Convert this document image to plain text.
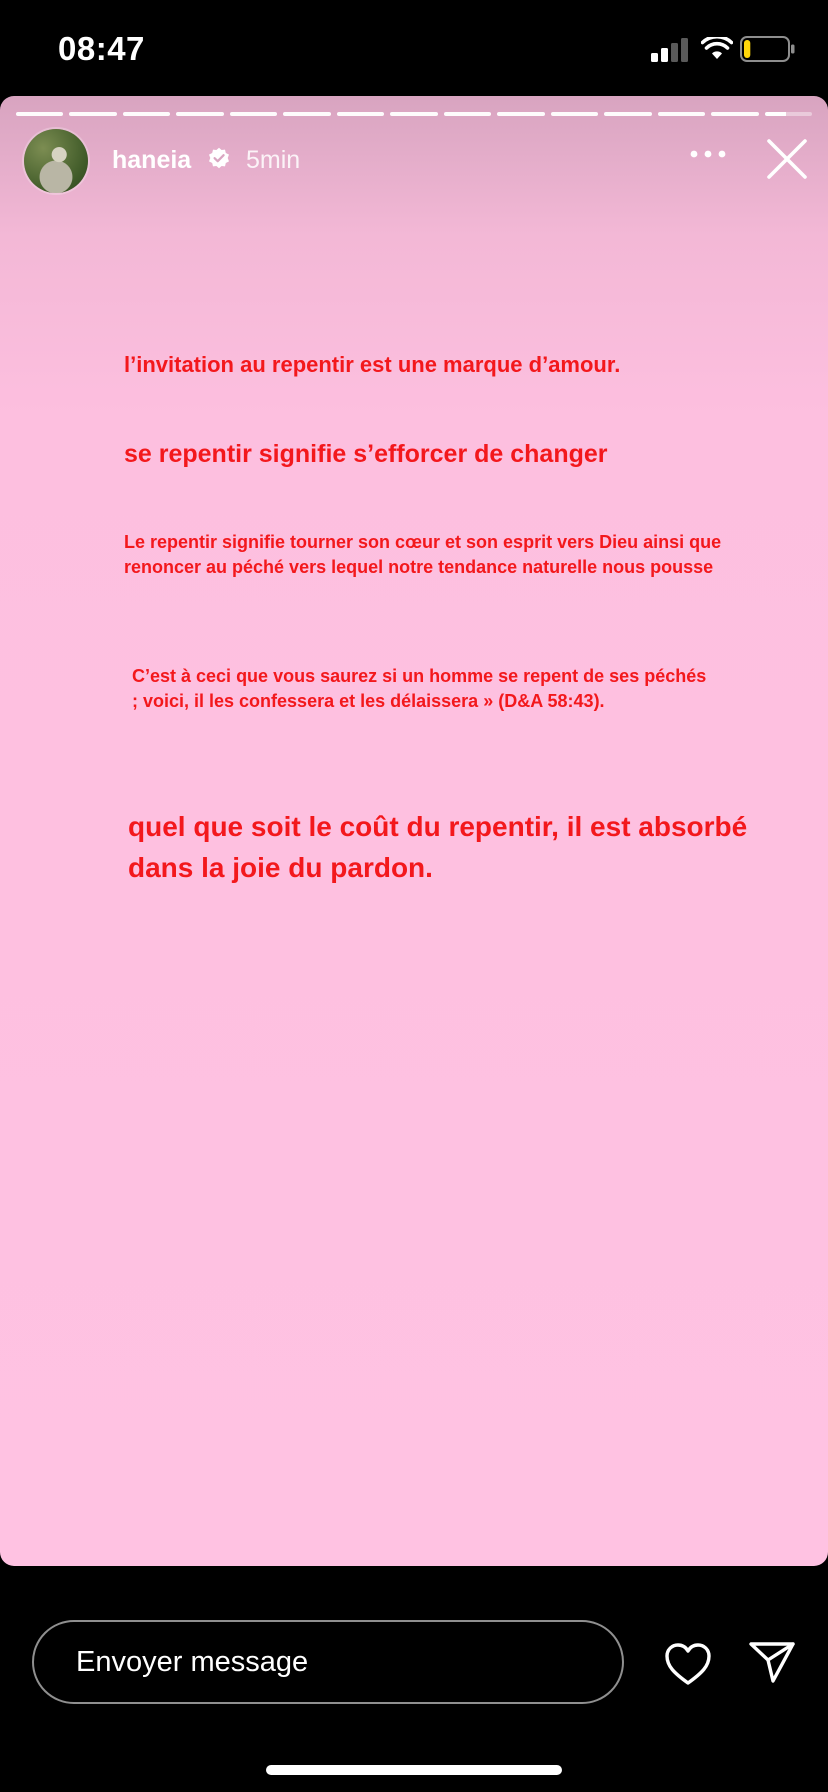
08:47
haneia 5min

l’invitation au repentir est une marque d’amour.

se repentir signifie s’efforcer de changer

Le repentir signifie tourner son cœur et son esprit vers Dieu ainsi que renoncer au péché vers lequel notre tendance naturelle nous pousse

C’est à ceci que vous saurez si un homme se repent de ses péchés ; voici, il les confessera et les délaissera » (D&A 58:43).

quel que soit le coût du repentir, il est absorbé dans la joie du pardon.

Envoyer message
